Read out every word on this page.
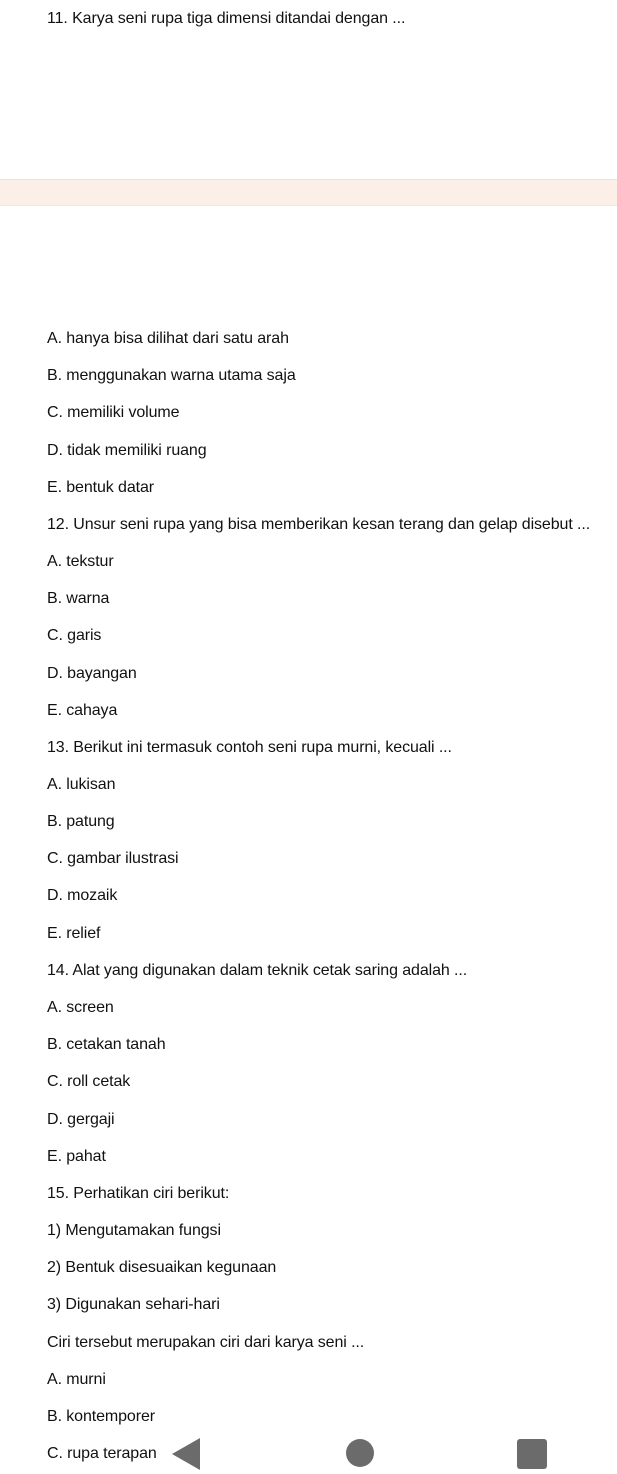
11. Karya seni rupa tiga dimensi ditandai dengan ...
A. hanya bisa dilihat dari satu arah
B. menggunakan warna utama saja
C. memiliki volume
D. tidak memiliki ruang
E. bentuk datar
12. Unsur seni rupa yang bisa memberikan kesan terang dan gelap disebut ...
A. tekstur
B. warna
C. garis
D. bayangan
E. cahaya
13. Berikut ini termasuk contoh seni rupa murni, kecuali ...
A. lukisan
B. patung
C. gambar ilustrasi
D. mozaik
E. relief
14. Alat yang digunakan dalam teknik cetak saring adalah ...
A. screen
B. cetakan tanah
C. roll cetak
D. gergaji
E. pahat
15. Perhatikan ciri berikut:
1) Mengutamakan fungsi
2) Bentuk disesuaikan kegunaan
3) Digunakan sehari-hari
Ciri tersebut merupakan ciri dari karya seni ...
A. murni
B. kontemporer
C. rupa terapan
